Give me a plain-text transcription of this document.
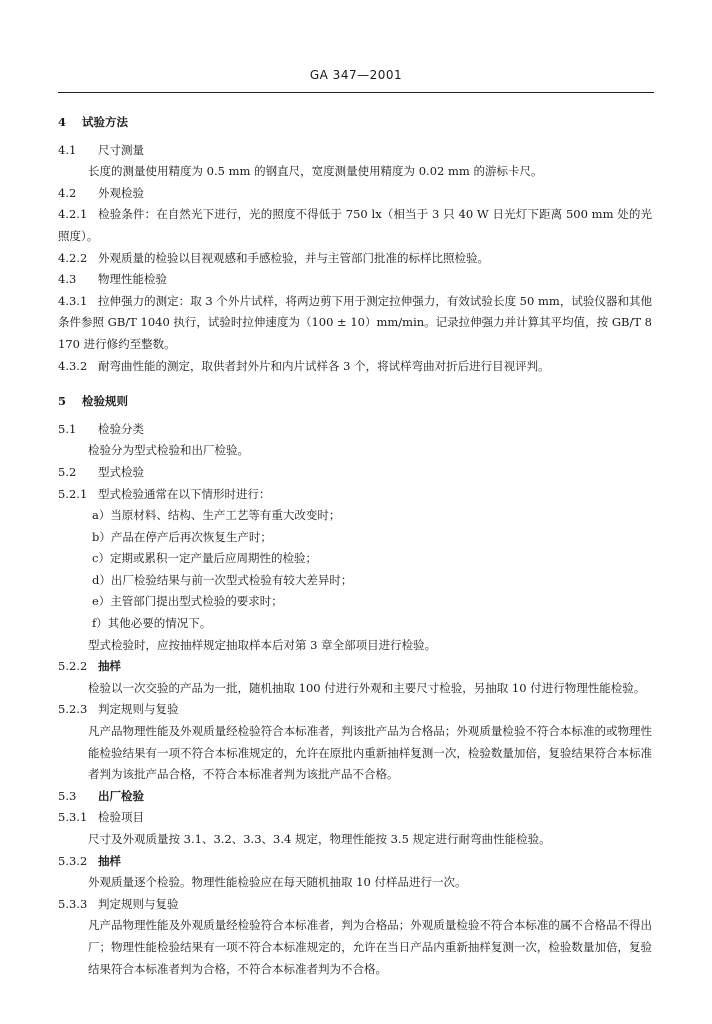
GA 347—2001
4 试验方法
4.1 尺寸测量
长度的测量使用精度为 0.5 mm 的钢直尺，宽度测量使用精度为 0.02 mm 的游标卡尺。
4.2 外观检验
4.2.1 检验条件：在自然光下进行，光的照度不得低于 750 lx（相当于 3 只 40 W 日光灯下距离 500 mm 处的光照度）。
4.2.2 外观质量的检验以目视观感和手感检验，并与主管部门批准的标样比照检验。
4.3 物理性能检验
4.3.1 拉伸强力的测定：取 3 个外片试样，将两边剪下用于测定拉伸强力，有效试验长度 50 mm，试验仪器和其他条件参照 GB/T 1040 执行，试验时拉伸速度为（100 ± 10）mm/min。记录拉伸强力并计算其平均值，按 GB/T 8170 进行修约至整数。
4.3.2 耐弯曲性能的测定，取供者封外片和内片试样各 3 个，将试样弯曲对折后进行目视评判。
5 检验规则
5.1 检验分类
检验分为型式检验和出厂检验。
5.2 型式检验
5.2.1 型式检验通常在以下情形时进行：
a）当原材料、结构、生产工艺等有重大改变时；
b）产品在停产后再次恢复生产时；
c）定期或累积一定产量后应周期性的检验；
d）出厂检验结果与前一次型式检验有较大差异时；
e）主管部门提出型式检验的要求时；
f）其他必要的情况下。
型式检验时，应按抽样规定抽取样本后对第 3 章全部项目进行检验。
5.2.2 抽样
检验以一次交验的产品为一批，随机抽取 100 付进行外观和主要尺寸检验，另抽取 10 付进行物理性能检验。
5.2.3 判定规则与复验
凡产品物理性能及外观质量经检验符合本标准者，判该批产品为合格品；外观质量检验不符合本标准的或物理性能检验结果有一项不符合本标准规定的，允许在原批内重新抽样复测一次，检验数量加倍，复验结果符合本标准者判为该批产品合格，不符合本标准者判为该批产品不合格。
5.3 出厂检验
5.3.1 检验项目
尺寸及外观质量按 3.1、3.2、3.3、3.4 规定，物理性能按 3.5 规定进行耐弯曲性能检验。
5.3.2 抽样
外观质量逐个检验。物理性能检验应在每天随机抽取 10 付样品进行一次。
5.3.3 判定规则与复验
凡产品物理性能及外观质量经检验符合本标准者，判为合格品；外观质量检验不符合本标准的属不合格品不得出厂；物理性能检验结果有一项不符合本标准规定的，允许在当日产品内重新抽样复测一次，检验数量加倍，复验结果符合本标准者判为合格，不符合本标准者判为不合格。
